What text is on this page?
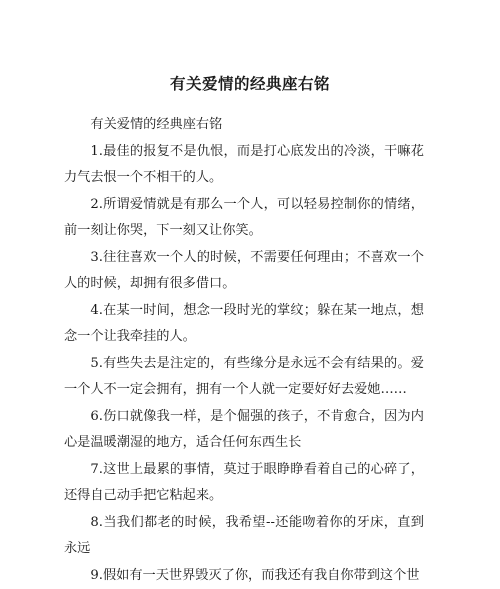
有关爱情的经典座右铭

有关爱情的经典座右铭

1.最佳的报复不是仇恨，而是打心底发出的冷淡，干嘛花力气去恨一个不相干的人。

2.所谓爱情就是有那么一个人，可以轻易控制你的情绪，前一刻让你哭，下一刻又让你笑。

3.往往喜欢一个人的时候，不需要任何理由；不喜欢一个人的时候，却拥有很多借口。

4.在某一时间，想念一段时光的掌纹；躲在某一地点，想念一个让我牵挂的人。

5.有些失去是注定的，有些缘分是永远不会有结果的。爱一个人不一定会拥有，拥有一个人就一定要好好去爱她……

6.伤口就像我一样，是个倔强的孩子，不肯愈合，因为内心是温暖潮湿的地方，适合任何东西生长

7.这世上最累的事情，莫过于眼睁睁看着自己的心碎了，还得自己动手把它粘起来。

8.当我们都老的时候，我希望--还能吻着你的牙床，直到永远

9.假如有一天世界毁灭了你，而我还有我自你带到这个世
